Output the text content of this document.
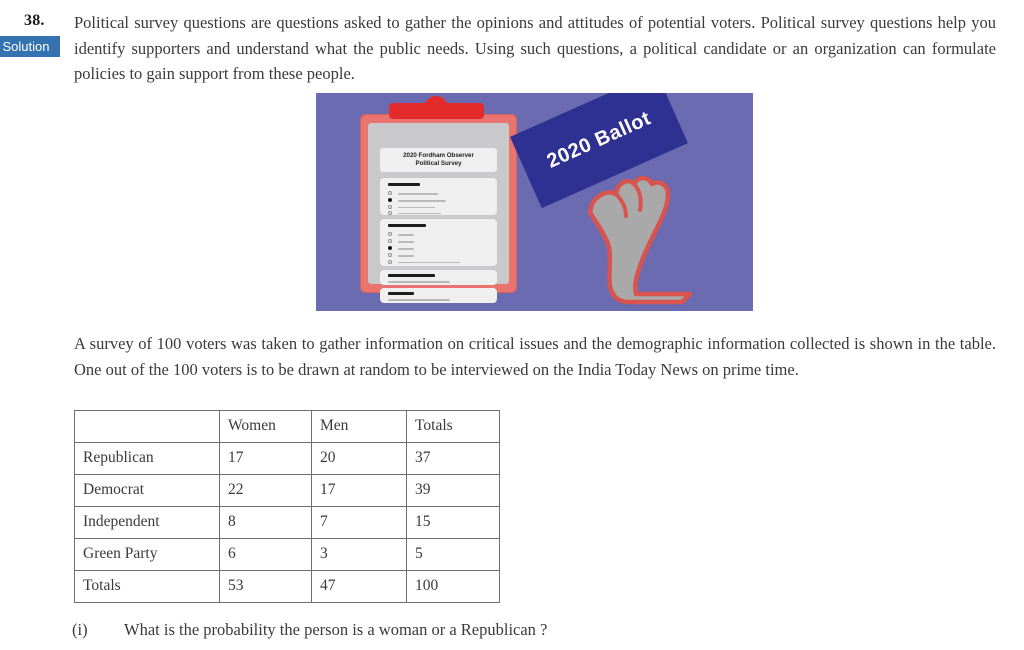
38.
Solution
Political survey questions are questions asked to gather the opinions and attitudes of potential voters. Political survey questions help you identify supporters and understand what the public needs. Using such questions, a political candidate or an organization can formulate policies to gain support from these people.
2020 Fordham Observer
Political Survey	2020 Ballot
A survey of 100 voters was taken to gather information on critical issues and the demographic information collected is shown in the table. One out of the 100 voters is to be drawn at random to be interviewed on the India Today News on prime time.
	Women	Men	Totals
Republican	17	20	37
Democrat	22	17	39
Independent	8	7	15
Green Party	6	3	5
Totals	53	47	100
(i) What is the probability the person is a woman or a Republican ?
